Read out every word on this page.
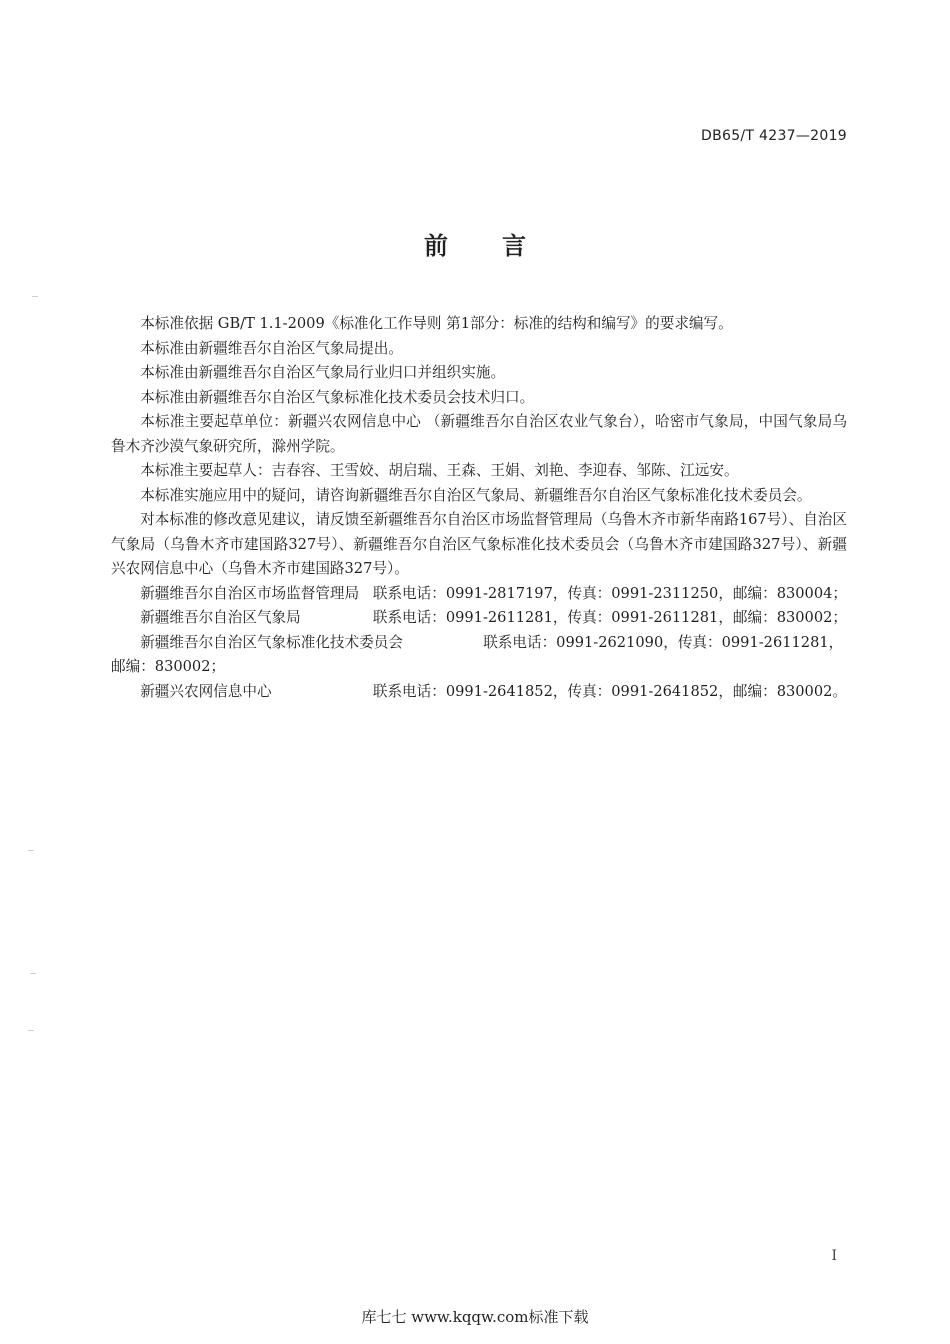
DB65/T 4237—2019
前 言

本标准依据 GB/T 1.1-2009《标准化工作导则 第1部分：标准的结构和编写》的要求编写。

本标准由新疆维吾尔自治区气象局提出。

本标准由新疆维吾尔自治区气象局行业归口并组织实施。

本标准由新疆维吾尔自治区气象标准化技术委员会技术归口。

本标准主要起草单位：新疆兴农网信息中心 （新疆维吾尔自治区农业气象台），哈密市气象局，中国气象局乌鲁木齐沙漠气象研究所，滁州学院。

本标准主要起草人：吉春容、王雪姣、胡启瑞、王森、王娟、刘艳、李迎春、邹陈、江远安。

本标准实施应用中的疑问，请咨询新疆维吾尔自治区气象局、新疆维吾尔自治区气象标准化技术委员会。

对本标准的修改意见建议，请反馈至新疆维吾尔自治区市场监督管理局（乌鲁木齐市新华南路167号）、自治区气象局（乌鲁木齐市建国路327号）、新疆维吾尔自治区气象标准化技术委员会（乌鲁木齐市建国路327号）、新疆兴农网信息中心（乌鲁木齐市建国路327号）。

新疆维吾尔自治区市场监督管理局 联系电话：0991-2817197，传真：0991-2311250，邮编：830004；

新疆维吾尔自治区气象局	联系电话：0991-2611281，传真：0991-2611281，邮编：830002；

新疆维吾尔自治区气象标准化技术委员会	联系电话：0991-2621090，传真：0991-2611281，
邮编：830002；

新疆兴农网信息中心	联系电话：0991-2641852，传真：0991-2641852，邮编：830002。

I
库七七 www.kqqw.com标准下载
